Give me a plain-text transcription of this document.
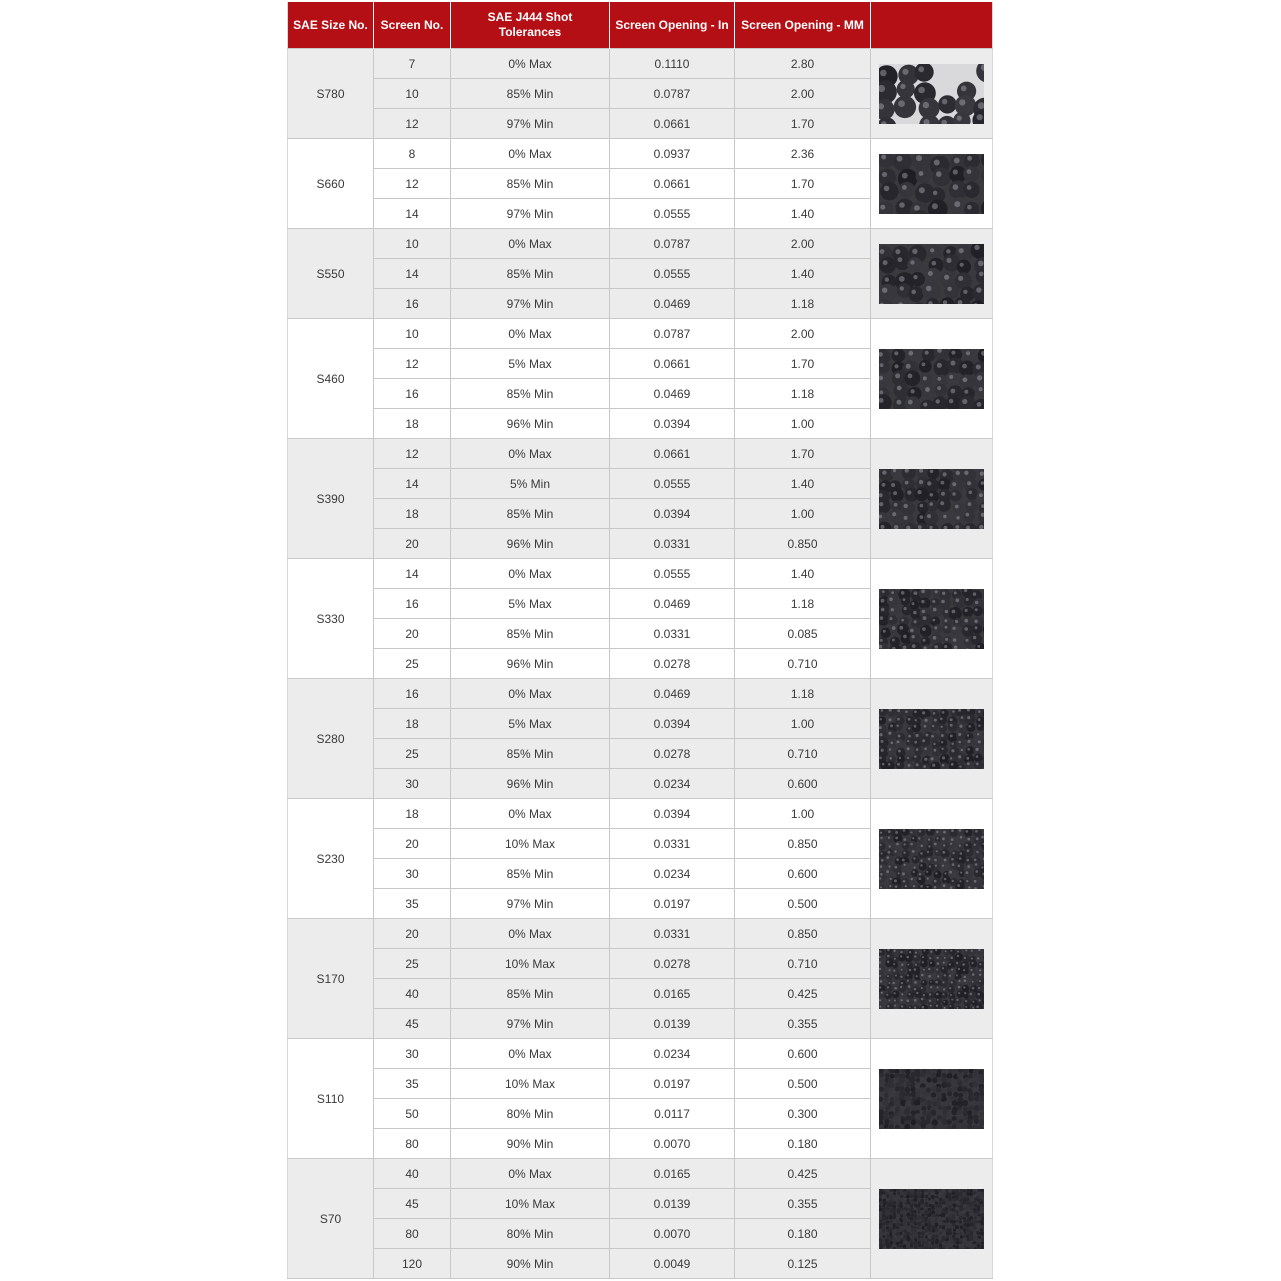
SAE Size No.	Screen No.	SAE J444 Shot Tolerances	Screen Opening - In	Screen Opening - MM	
S780	7	0% Max	0.1110	2.80	

	10	85% Min	0.0787	2.00	
	12	97% Min	0.0661	1.70	
S660	8	0% Max	0.0937	2.36	

	12	85% Min	0.0661	1.70	
	14	97% Min	0.0555	1.40	
S550	10	0% Max	0.0787	2.00	

	14	85% Min	0.0555	1.40	
	16	97% Min	0.0469	1.18	
S460	10	0% Max	0.0787	2.00	

	12	5% Max	0.0661	1.70	
	16	85% Min	0.0469	1.18	
	18	96% Min	0.0394	1.00	
S390	12	0% Max	0.0661	1.70	

	14	5% Min	0.0555	1.40	
	18	85% Min	0.0394	1.00	
	20	96% Min	0.0331	0.850	
S330	14	0% Max	0.0555	1.40	

	16	5% Max	0.0469	1.18	
	20	85% Min	0.0331	0.085	
	25	96% Min	0.0278	0.710	
S280	16	0% Max	0.0469	1.18	

	18	5% Max	0.0394	1.00	
	25	85% Min	0.0278	0.710	
	30	96% Min	0.0234	0.600	
S230	18	0% Max	0.0394	1.00	

	20	10% Max	0.0331	0.850	
	30	85% Min	0.0234	0.600	
	35	97% Min	0.0197	0.500	
S170	20	0% Max	0.0331	0.850	

	25	10% Max	0.0278	0.710	
	40	85% Min	0.0165	0.425	
	45	97% Min	0.0139	0.355	
S110	30	0% Max	0.0234	0.600	

	35	10% Max	0.0197	0.500	
	50	80% Min	0.0117	0.300	
	80	90% Min	0.0070	0.180	
S70	40	0% Max	0.0165	0.425	

	45	10% Max	0.0139	0.355	
	80	80% Min	0.0070	0.180	
	120	90% Min	0.0049	0.125	
